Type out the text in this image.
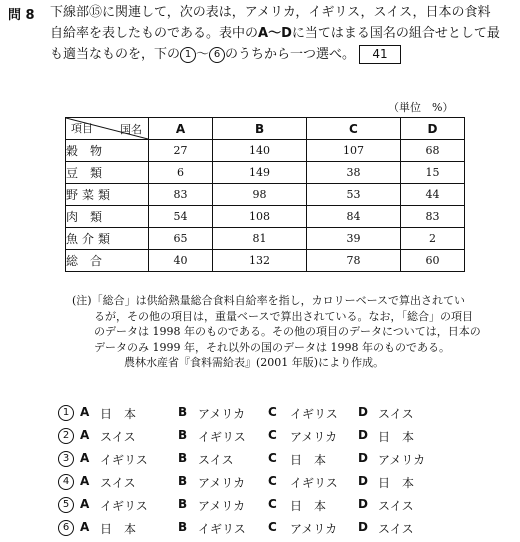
問 8 下線部⑮に関連して，次の表は，アメリカ，イギリス，スイス，日本の食料
自給率を表したものである。表中のA〜Dに当てはまる国名の組合せとして最
も適当なものを，下の 1 〜 6 のうちから一つ選べ。 41
（単位　%）
国名
項目	A	B	C	D
穀物	27	140	107	68
豆類	6	149	38	15
野菜類	83	98	53	44
肉類	54	108	84	83
魚介類	65	81	39	2
総合	40	132	78	60
(注)「総合」は供給熱量総合食料自給率を指し，カロリーベースで算出されてい
るが，その他の項目は，重量ベースで算出されている。なお，「総合」の項目
のデータは 1998 年のものである。その他の項目のデータについては，日本の
データのみ 1999 年，それ以外の国のデータは 1998 年のものである。
農林水産省『食料需給表』(2001 年版)により作成。
1 A 日　本	B アメリカ C イギリス D スイス
2 A スイス	B イギリス C アメリカ D 日　本
3 A イギリス	B スイス	C 日　本	D アメリカ
4 A スイス	B アメリカ C イギリス D 日　本
5 A イギリス	B アメリカ C 日　本	D スイス
6 A 日　本	B イギリス C アメリカ D スイス
